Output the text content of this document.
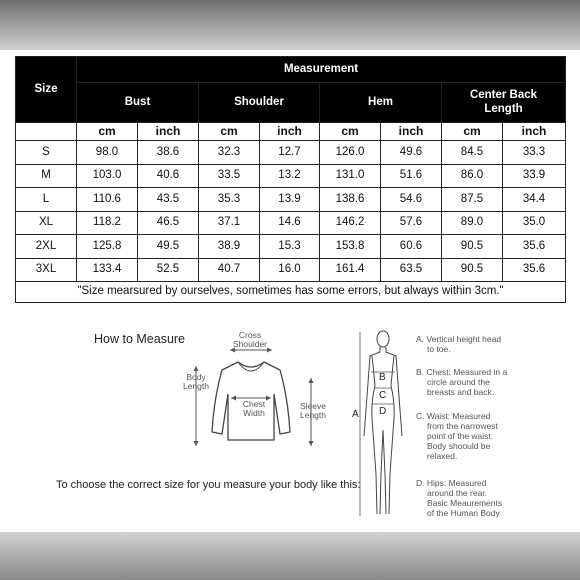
Size	Measurement							
	Bust		Shoulder		Hem		Center Back
Length	
	cm	inch	cm	inch	cm	inch	cm	inch
S	98.0	38.6	32.3	12.7	126.0	49.6	84.5	33.3
M	103.0	40.6	33.5	13.2	131.0	51.6	86.0	33.9
L	110.6	43.5	35.3	13.9	138.6	54.6	87.5	34.4
XL	118.2	46.5	37.1	14.6	146.2	57.6	89.0	35.0
2XL	125.8	49.5	38.9	15.3	153.8	60.6	90.5	35.6
3XL	133.4	52.5	40.7	16.0	161.4	63.5	90.5	35.6
"Size mearsured by ourselves, sometimes has some errors, but always within 3cm."								
How to Measure	Cross
Shoulder
Body
Length
Chest
Width
Sleeve
Length
To choose the correct size for you measure your body like this:
A
B
C
D
A. Vertical height head
to toe.
B. Chest: Measured in a
circle around the
breasts and back.
C. Waist: Measured
from the narrowest
point of the waist.
Body shoould be
relaxed.
D. Hips: Measured
around the rear.
Basic Meaurements
of the Human Body
